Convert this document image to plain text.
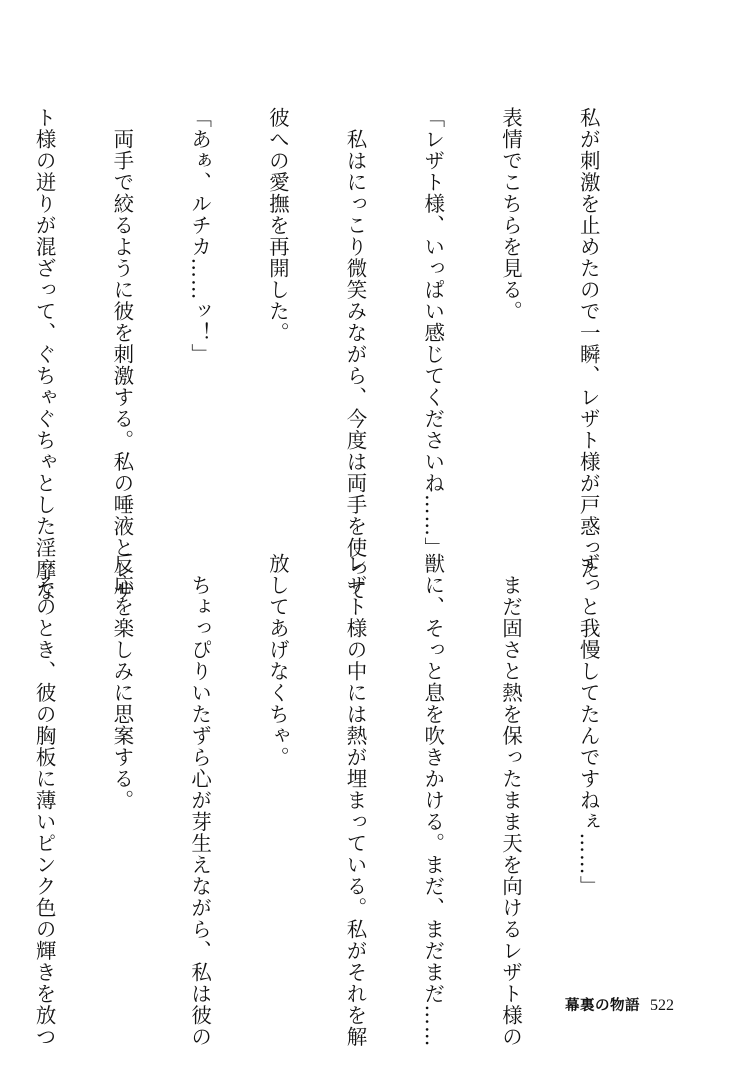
私が刺激を止めたので一瞬、レザト様が戸惑った

表情でこちらを見る。

「レザト様、いっぱい感じてくださいね……」

　私はにっこり微笑みながら、今度は両手を使って

彼への愛撫を再開した。

「あぁ、ルチカ……ッ！」

　両手で絞るように彼を刺激する。私の唾液とレザ

ト様の迸りが混ざって、ぐちゃぐちゃとした淫靡な

ずっと我慢してたんですねぇ……」

　まだ固さと熱を保ったまま天を向けるレザト様の

獣に、そっと息を吹きかける。まだ、まだまだ……

レザト様の中には熱が埋まっている。私がそれを解

放してあげなくちゃ。

　ちょっぴりいたずら心が芽生えながら、私は彼の

反応を楽しみに思案する。

　そのとき、彼の胸板に薄いピンク色の輝きを放つ

	幕裏の物語 522
